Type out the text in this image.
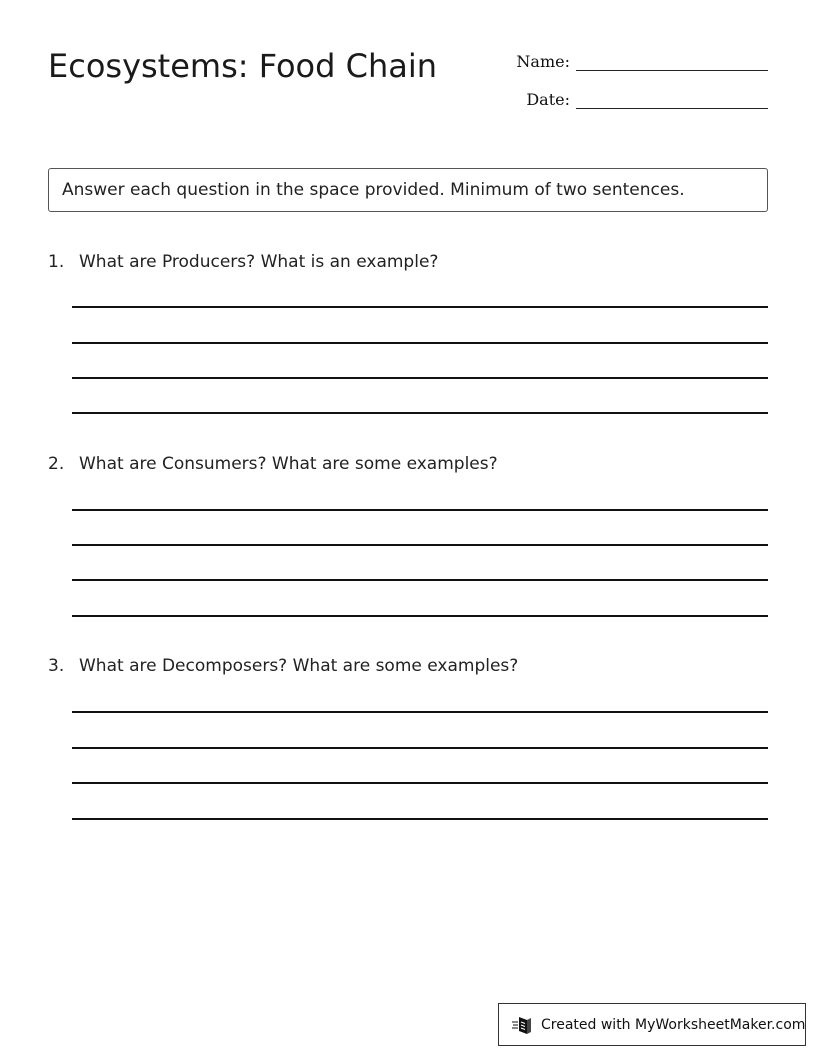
Ecosystems: Food Chain	Name:
Date:
Answer each question in the space provided. Minimum of two sentences.
1. What are Producers? What is an example?
2. What are Consumers? What are some examples?
3. What are Decomposers? What are some examples?
Created with MyWorksheetMaker.com
